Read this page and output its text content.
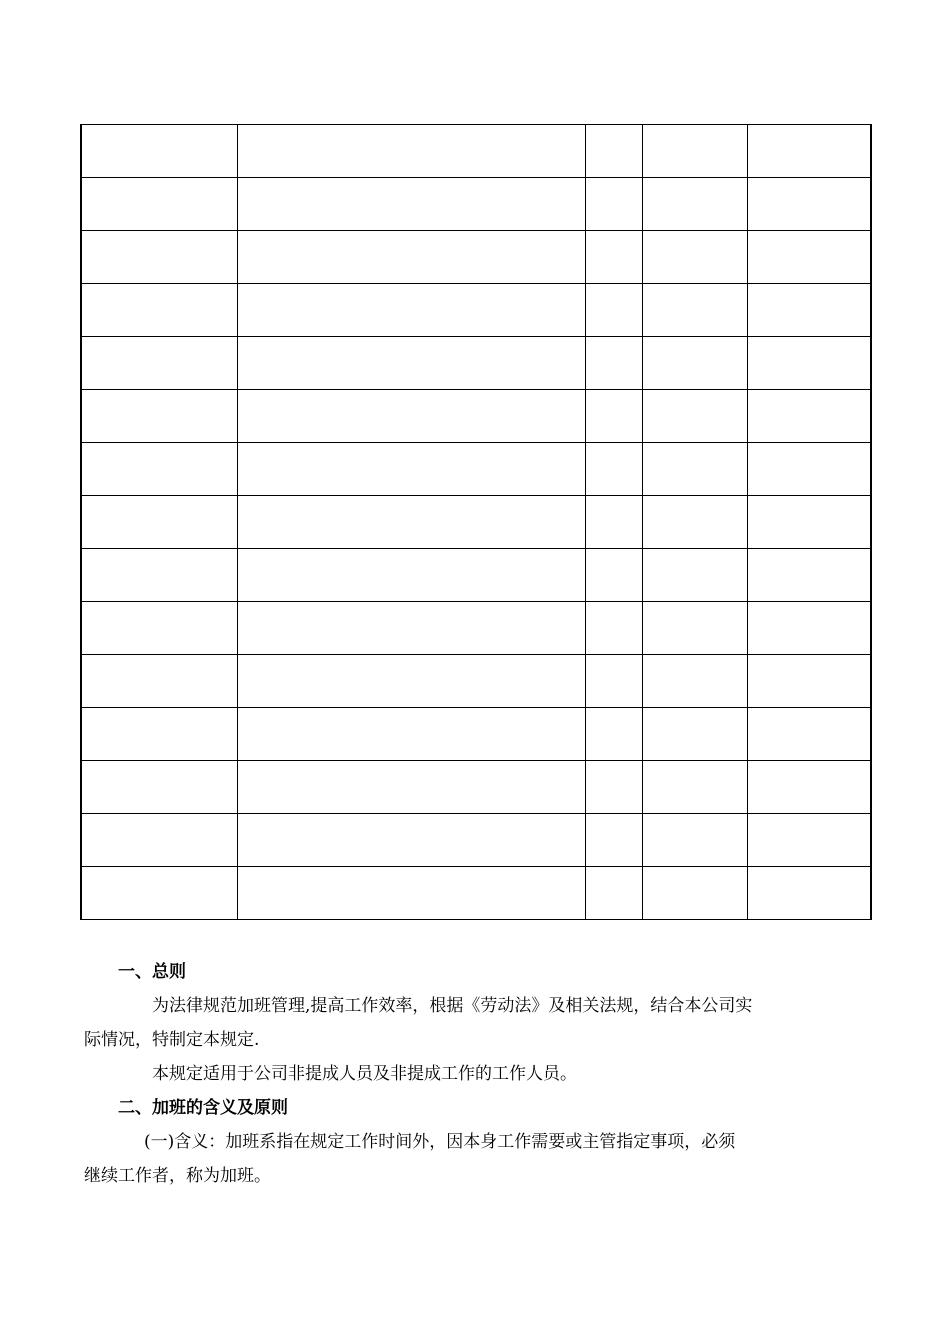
一、总则

为法律规范加班管理,提高工作效率，根据《劳动法》及相关法规，结合本公司实
际情况，特制定本规定.

本规定适用于公司非提成人员及非提成工作的工作人员。

二、加班的含义及原则

(一)含义：加班系指在规定工作时间外，因本身工作需要或主管指定事项，必须
继续工作者，称为加班。
